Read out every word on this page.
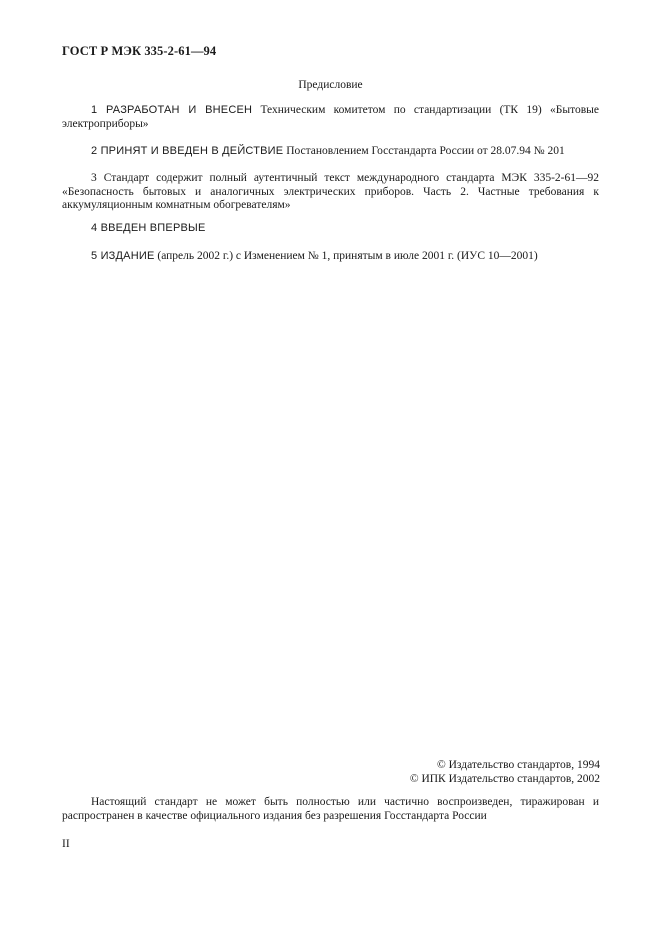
ГОСТ Р МЭК 335-2-61—94
Предисловие
1 РАЗРАБОТАН И ВНЕСЕН Техническим комитетом по стандартизации (ТК 19) «Бытовые электроприборы»
2 ПРИНЯТ И ВВЕДЕН В ДЕЙСТВИЕ Постановлением Госстандарта России от 28.07.94 № 201
3 Стандарт содержит полный аутентичный текст международного стандарта МЭК 335-2-61—92 «Безопасность бытовых и аналогичных электрических приборов. Часть 2. Частные требования к аккумуляционным комнатным обогревателям»
4 ВВЕДЕН ВПЕРВЫЕ
5 ИЗДАНИЕ (апрель 2002 г.) с Изменением № 1, принятым в июле 2001 г. (ИУС 10—2001)
© Издательство стандартов, 1994
© ИПК Издательство стандартов, 2002
Настоящий стандарт не может быть полностью или частично воспроизведен, тиражирован и распространен в качестве официального издания без разрешения Госстандарта России
II
